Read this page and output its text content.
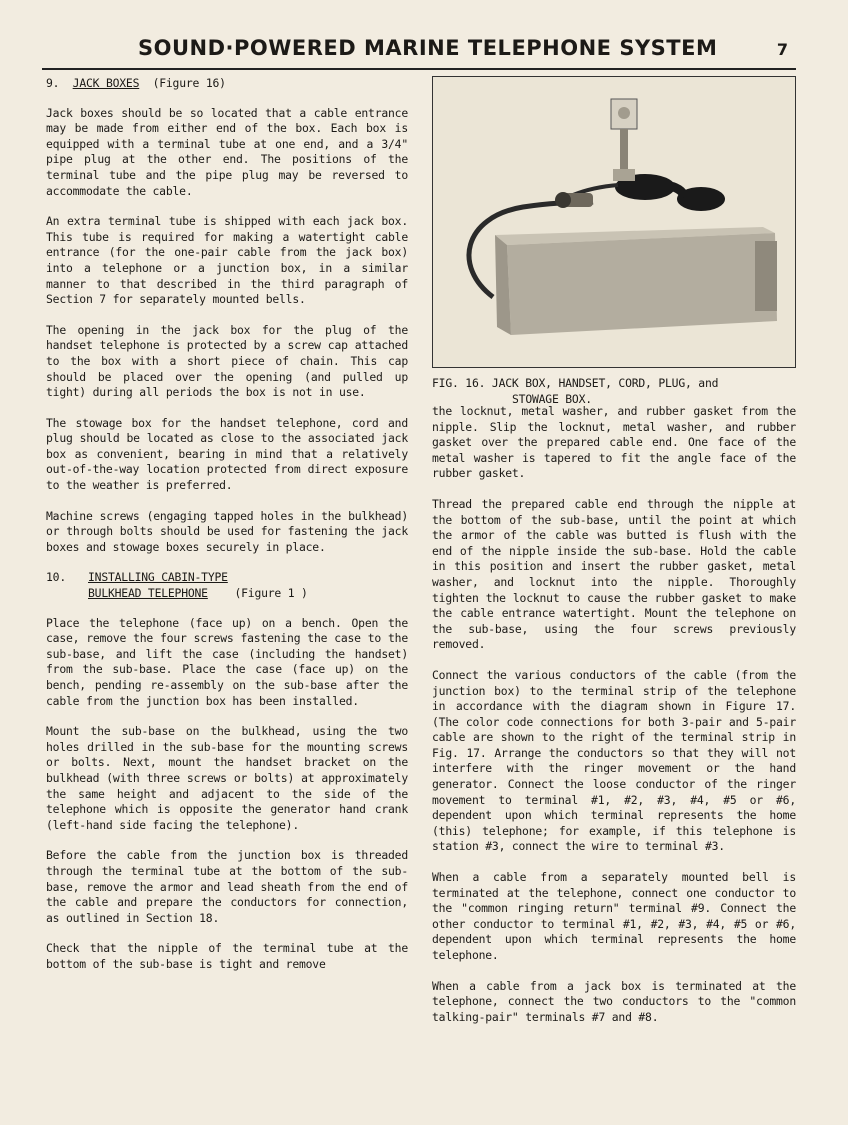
SOUND·POWERED MARINE TELEPHONE SYSTEM	7
9. JACK BOXES (Figure 16)

Jack boxes should be so located that a cable entrance may be made from either end of the box. Each box is equipped with a terminal tube at one end, and a 3/4" pipe plug at the other end. The positions of the terminal tube and the pipe plug may be reversed to accommodate the cable.

An extra terminal tube is shipped with each jack box. This tube is required for making a watertight cable entrance (for the one-pair cable from the jack box) into a telephone or a junction box, in a similar manner to that described in the third paragraph of Section 7 for separately mounted bells.

The opening in the jack box for the plug of the handset telephone is protected by a screw cap attached to the box with a short piece of chain. This cap should be placed over the opening (and pulled up tight) during all periods the box is not in use.

The stowage box for the handset telephone, cord and plug should be located as close to the associated jack box as convenient, bearing in mind that a relatively out-of-the-way location protected from direct exposure to the weather is preferred.

Machine screws (engaging tapped holes in the bulkhead) or through bolts should be used for fastening the jack boxes and stowage boxes securely in place.

10.	INSTALLING CABIN-TYPE
BULKHEAD TELEPHONE (Figure 1 )

Place the telephone (face up) on a bench. Open the case, remove the four screws fastening the case to the sub-base, and lift the case (including the handset) from the sub-base. Place the case (face up) on the bench, pending re-assembly on the sub-base after the cable from the junction box has been installed.

Mount the sub-base on the bulkhead, using the two holes drilled in the sub-base for the mounting screws or bolts. Next, mount the handset bracket on the bulkhead (with three screws or bolts) at approximately the same height and adjacent to the side of the telephone which is opposite the generator hand crank (left-hand side facing the telephone).

Before the cable from the junction box is threaded through the terminal tube at the bottom of the sub-base, remove the armor and lead sheath from the end of the cable and prepare the conductors for connection, as outlined in Section 18.

Check that the nipple of the terminal tube at the bottom of the sub-base is tight and remove

FIG. 16. JACK BOX, HANDSET, CORD, PLUG, and
STOWAGE BOX.

the locknut, metal washer, and rubber gasket from the nipple. Slip the locknut, metal washer, and rubber gasket over the prepared cable end. One face of the metal washer is tapered to fit the angle face of the rubber gasket.

Thread the prepared cable end through the nipple at the bottom of the sub-base, until the point at which the armor of the cable was butted is flush with the end of the nipple inside the sub-base. Hold the cable in this position and insert the rubber gasket, metal washer, and locknut into the nipple. Thoroughly tighten the locknut to cause the rubber gasket to make the cable entrance watertight. Mount the telephone on the sub-base, using the four screws previously removed.

Connect the various conductors of the cable (from the junction box) to the terminal strip of the telephone in accordance with the diagram shown in Figure 17. (The color code connections for both 3-pair and 5-pair cable are shown to the right of the terminal strip in Fig. 17. Arrange the conductors so that they will not interfere with the ringer movement or the hand generator. Connect the loose conductor of the ringer movement to terminal #1, #2, #3, #4, #5 or #6, dependent upon which terminal represents the home (this) telephone; for example, if this telephone is station #3, connect the wire to terminal #3.

When a cable from a separately mounted bell is terminated at the telephone, connect one conductor to the "common ringing return" terminal #9. Connect the other conductor to terminal #1, #2, #3, #4, #5 or #6, dependent upon which terminal represents the home telephone.

When a cable from a jack box is terminated at the telephone, connect the two conductors to the "common talking-pair" terminals #7 and #8.
